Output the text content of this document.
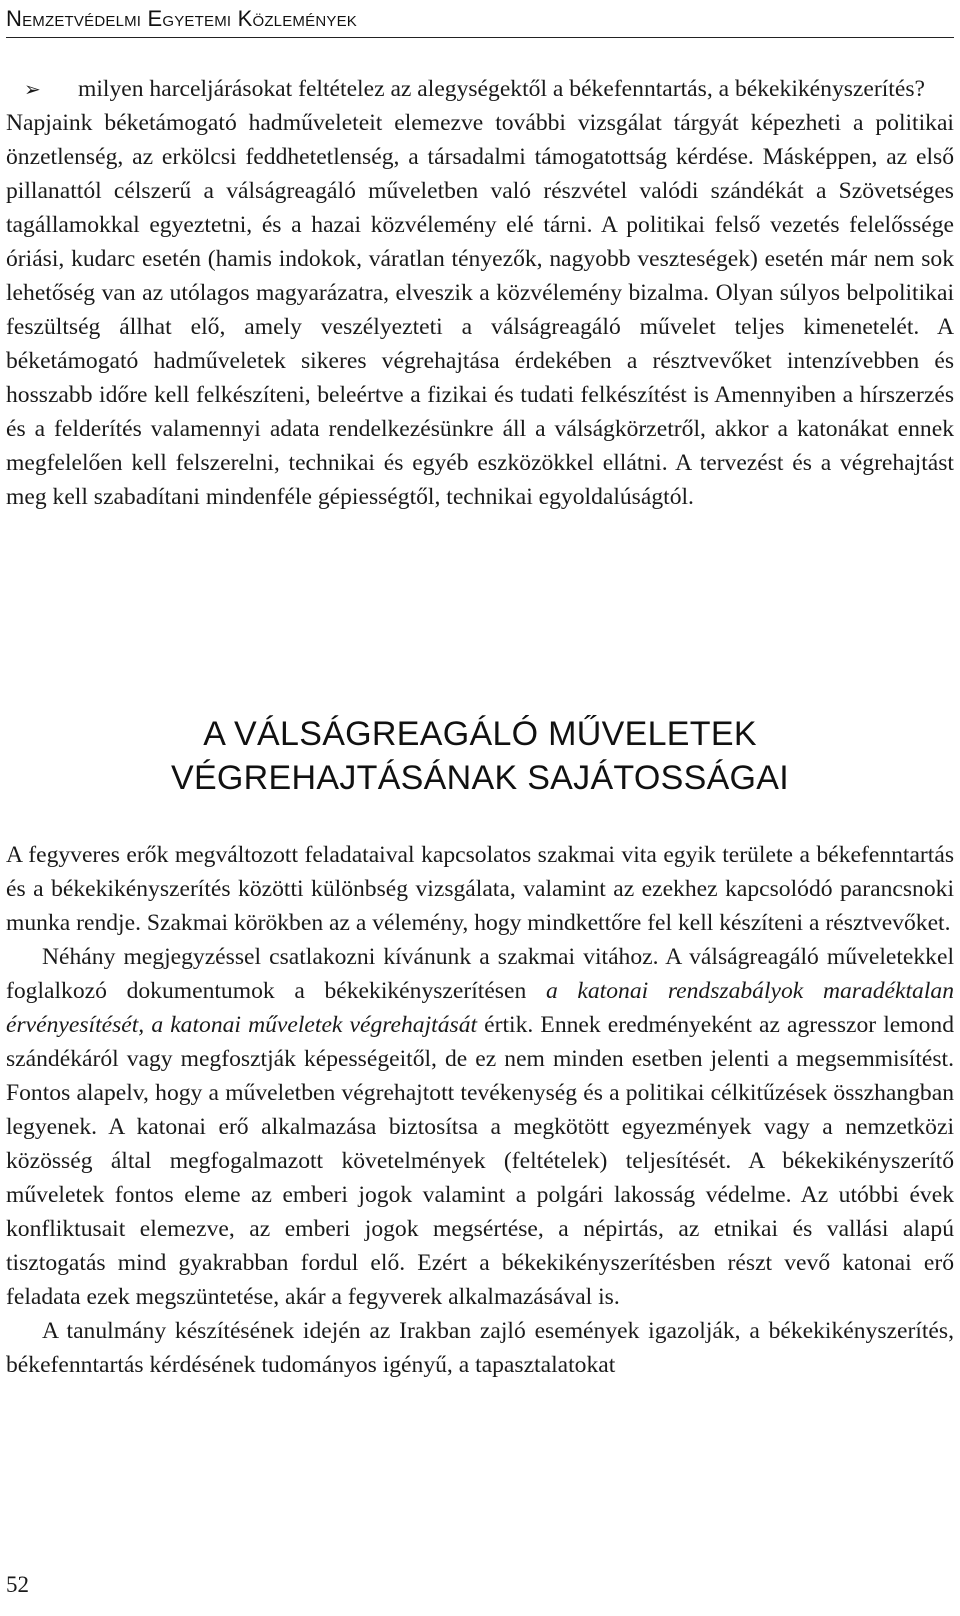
Nemzetvédelmi Egyetemi Közlemények
➢	milyen harceljárásokat feltételez az alegységektől a békefenntartás, a békekikényszerítés?

Napjaink béketámogató hadműveleteit elemezve további vizsgálat tárgyát képezheti a politikai önzetlenség, az erkölcsi feddhetetlenség, a társadalmi támogatottság kérdése. Másképpen, az első pillanattól célszerű a válságreagáló műveletben való részvétel valódi szándékát a Szövetséges tagállamokkal egyeztetni, és a hazai közvélemény elé tárni. A politikai felső vezetés felelőssége óriási, kudarc esetén (hamis indokok, váratlan tényezők, nagyobb veszteségek) esetén már nem sok lehetőség van az utólagos magyarázatra, elveszik a közvélemény bizalma. Olyan súlyos belpolitikai feszültség állhat elő, amely veszélyezteti a válságreagáló művelet teljes kimenetelét. A béketámogató hadműveletek sikeres végrehajtása érdekében a résztvevőket intenzívebben és hosszabb időre kell felkészíteni, beleértve a fizikai és tudati felkészítést is Amennyiben a hírszerzés és a felderítés valamennyi adata rendelkezésünkre áll a válságkörzetről, akkor a katonákat ennek megfelelően kell felszerelni, technikai és egyéb eszközökkel ellátni. A tervezést és a végrehajtást meg kell szabadítani mindenféle gépiességtől, technikai egyoldalúságtól.

A VÁLSÁGREAGÁLÓ MŰVELETEK
VÉGREHAJTÁSÁNAK SAJÁTOSSÁGAI

A fegyveres erők megváltozott feladataival kapcsolatos szakmai vita egyik területe a békefenntartás és a békekikényszerítés közötti különbség vizsgálata, valamint az ezekhez kapcsolódó parancsnoki munka rendje. Szakmai körökben az a vélemény, hogy mindkettőre fel kell készíteni a résztvevőket.

Néhány megjegyzéssel csatlakozni kívánunk a szakmai vitához. A válságreagáló műveletekkel foglalkozó dokumentumok a békekikényszerítésen a katonai rendszabályok maradéktalan érvényesítését, a katonai műveletek végrehajtását értik. Ennek eredményeként az agresszor lemond szándékáról vagy megfosztják képességeitől, de ez nem minden esetben jelenti a megsemmisítést. Fontos alapelv, hogy a műveletben végrehajtott tevékenység és a politikai célkitűzések összhangban legyenek. A katonai erő alkalmazása biztosítsa a megkötött egyezmények vagy a nemzetközi közösség által megfogalmazott követelmények (feltételek) teljesítését. A békekikényszerítő műveletek fontos eleme az emberi jogok valamint a polgári lakosság védelme. Az utóbbi évek konfliktusait elemezve, az emberi jogok megsértése, a népirtás, az etnikai és vallási alapú tisztogatás mind gyakrabban fordul elő. Ezért a békekikényszerítésben részt vevő katonai erő feladata ezek megszüntetése, akár a fegyverek alkalmazásával is.

A tanulmány készítésének idején az Irakban zajló események igazolják, a békekikényszerítés, békefenntartás kérdésének tudományos igényű, a tapasztalatokat

52
